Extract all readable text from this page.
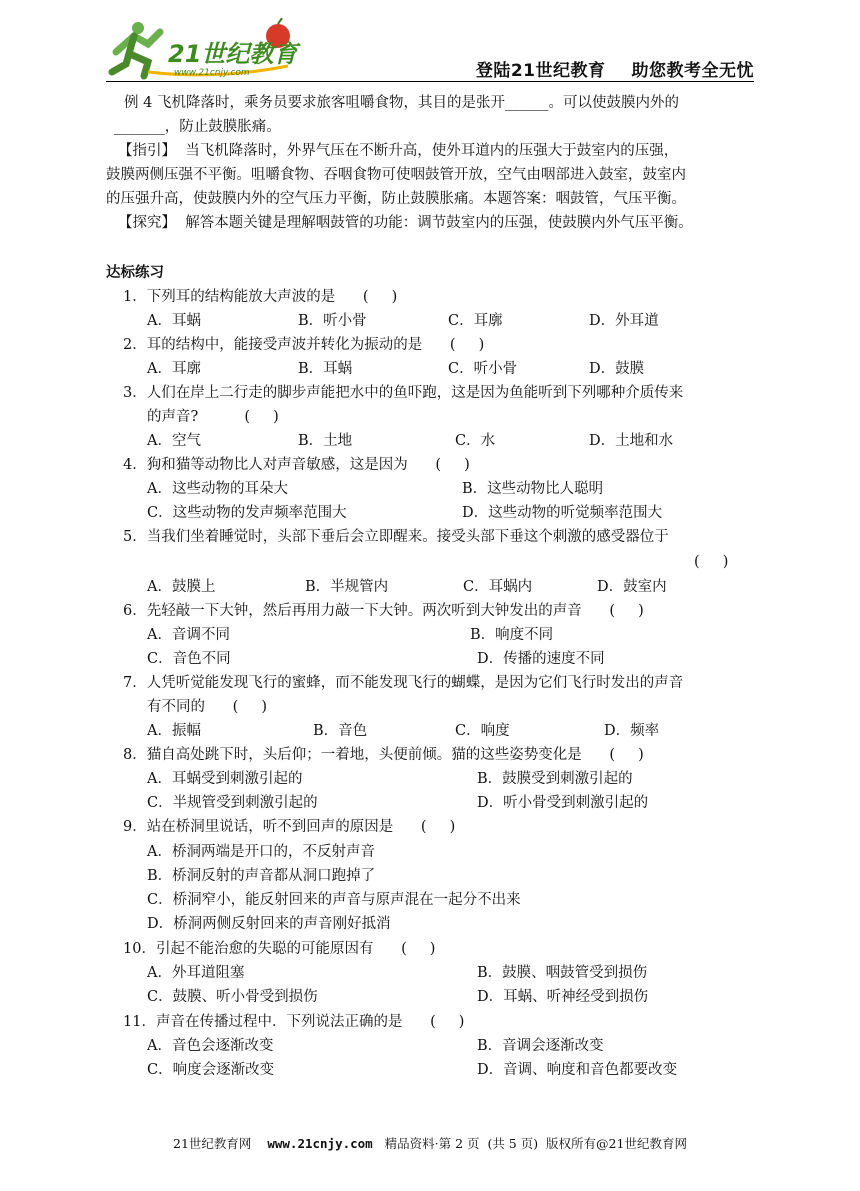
21世纪教育
www.21cnjy.com	登陆21世纪教育 助您教考全无忧
例 4 飞机降落时，乘务员要求旅客咀嚼食物，其目的是张开______。可以使鼓膜内外的
_______，防止鼓膜胀痛。
【指引】  当飞机降落时，外界气压在不断升高，使外耳道内的压强大于鼓室内的压强，
鼓膜两侧压强不平衡。咀嚼食物、吞咽食物可使咽鼓管开放，空气由咽部进入鼓室，鼓室内
的压强升高，使鼓膜内外的空气压力平衡，防止鼓膜胀痛。本题答案：咽鼓管，气压平衡。
【探究】  解答本题关键是理解咽鼓管的功能：调节鼓室内的压强，使鼓膜内外气压平衡。
达标练习
1．下列耳的结构能放大声波的是      (     )
A．耳蜗	B．听小骨	C．耳廓	D．外耳道
2．耳的结构中，能接受声波并转化为振动的是      (     )
A．耳廓	B．耳蜗	C．听小骨	D．鼓膜
3．人们在岸上二行走的脚步声能把水中的鱼吓跑，这是因为鱼能听到下列哪种介质传来
的声音?          (     )
A．空气	B．土地	C．水	D．土地和水
4．狗和猫等动物比人对声音敏感，这是因为      (     )
A．这些动物的耳朵大	B．这些动物比人聪明
C．这些动物的发声频率范围大	D．这些动物的听觉频率范围大
5．当我们坐着睡觉时，头部下垂后会立即醒来。接受头部下垂这个刺激的感受器位于
(     )
A．鼓膜上	B．半规管内	C．耳蜗内	D．鼓室内
6．先轻敲一下大钟，然后再用力敲一下大钟。两次听到大钟发出的声音      (     )
A．音调不同	B．响度不同
C．音色不同	D．传播的速度不同
7．人凭听觉能发现飞行的蜜蜂，而不能发现飞行的蝴蝶，是因为它们飞行时发出的声音
有不同的      (     )
A．振幅	B．音色	C．响度	D．频率
8．猫自高处跳下时，头后仰；一着地，头便前倾。猫的这些姿势变化是      (     )
A．耳蜗受到刺激引起的	B．鼓膜受到刺激引起的
C．半规管受到刺激引起的	D．听小骨受到刺激引起的
9．站在桥洞里说话，听不到回声的原因是      (     )
A．桥洞两端是开口的，不反射声音
B．桥洞反射的声音都从洞口跑掉了
C．桥洞窄小，能反射回来的声音与原声混在一起分不出来
D．桥洞两侧反射回来的声音刚好抵消
10．引起不能治愈的失聪的可能原因有      (     )
A．外耳道阻塞	B．鼓膜、咽鼓管受到损伤
C．鼓膜、听小骨受到损伤	D．耳蜗、听神经受到损伤
11．声音在传播过程中．下列说法正确的是      (     )
A．音色会逐渐改变	B．音调会逐渐改变
C．响度会逐渐改变	D．音调、响度和音色都要改变
21世纪教育网 www.21cnjy.com 精品资料·第 2 页  (共 5 页)  版权所有@21世纪教育网
